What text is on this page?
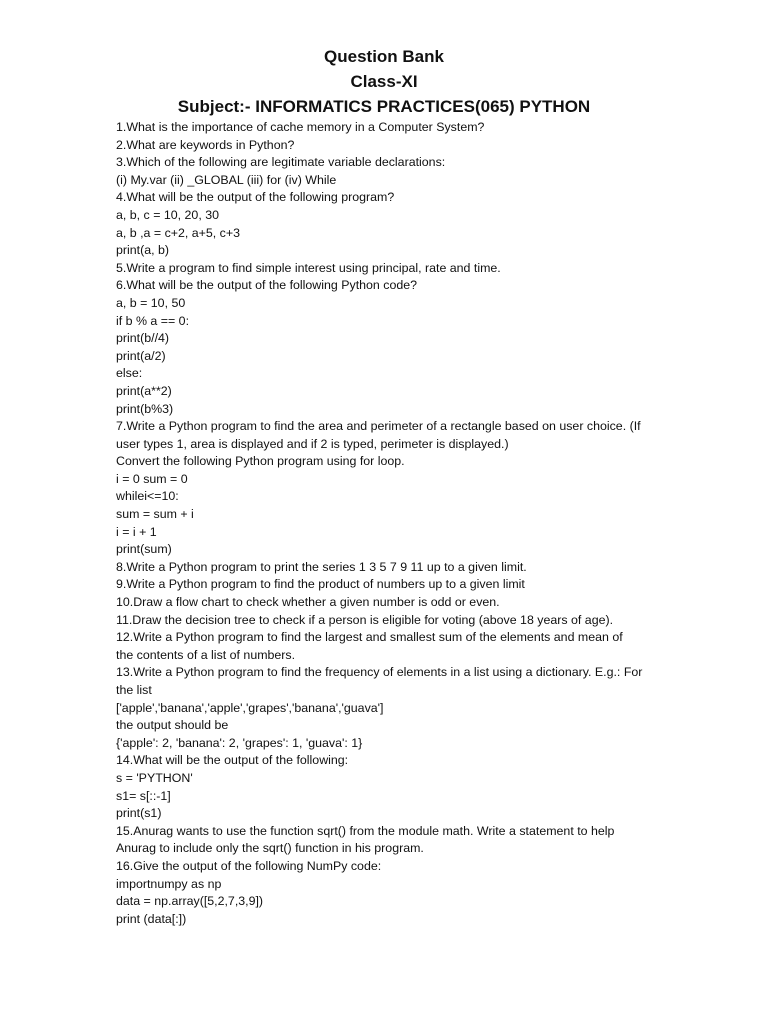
Question Bank
Class-XI
Subject:- INFORMATICS PRACTICES(065) PYTHON
1.What is the importance of cache memory in a Computer System?
2.What are keywords in Python?
3.Which of the following are legitimate variable declarations:
(i) My.var (ii) _GLOBAL (iii) for (iv) While
4.What will be the output of the following program?
a, b, c = 10, 20, 30
a, b ,a = c+2, a+5, c+3
print(a, b)
5.Write a program to find simple interest using principal, rate and time.
6.What will be the output of the following Python code?
a, b = 10, 50
if b % a == 0:
print(b//4)
print(a/2)
else:
print(a**2)
print(b%3)
7.Write a Python program to find the area and perimeter of a rectangle based on user choice. (If
user types 1, area is displayed and if 2 is typed, perimeter is displayed.)
Convert the following Python program using for loop.
i = 0 sum = 0
whilei<=10:
sum = sum + i
i = i + 1
print(sum)
8.Write a Python program to print the series 1 3 5 7 9 11 up to a given limit.
9.Write a Python program to find the product of numbers up to a given limit
10.Draw a flow chart to check whether a given number is odd or even.
11.Draw the decision tree to check if a person is eligible for voting (above 18 years of age).
12.Write a Python program to find the largest and smallest sum of the elements and mean of
the contents of a list of numbers.
13.Write a Python program to find the frequency of elements in a list using a dictionary. E.g.: For
the list
['apple','banana','apple','grapes','banana','guava']
the output should be
{'apple': 2, 'banana': 2, 'grapes': 1, 'guava': 1}
14.What will be the output of the following:
s = 'PYTHON'
s1= s[::-1]
print(s1)
15.Anurag wants to use the function sqrt() from the module math. Write a statement to help
Anurag to include only the sqrt() function in his program.
16.Give the output of the following NumPy code:
importnumpy as np
data = np.array([5,2,7,3,9])
print (data[:])
